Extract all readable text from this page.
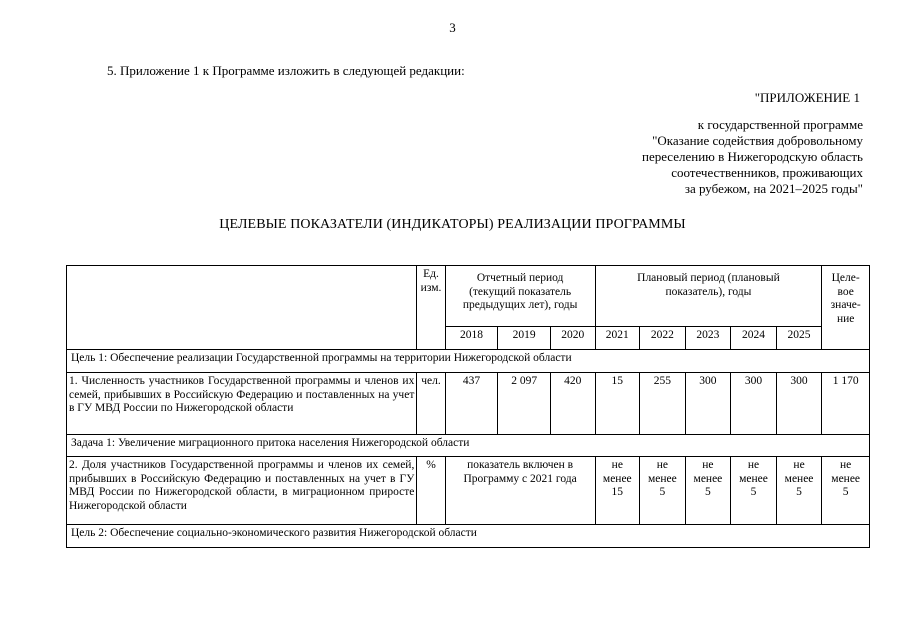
3
5. Приложение 1 к Программе изложить в следующей редакции:
"ПРИЛОЖЕНИЕ 1
к государственной программе
"Оказание содействия добровольному
переселению в Нижегородскую область
соотечественников, проживающих
за рубежом, на 2021–2025 годы"
ЦЕЛЕВЫЕ ПОКАЗАТЕЛИ (ИНДИКАТОРЫ) РЕАЛИЗАЦИИ ПРОГРАММЫ
	Ед. изм.	Отчетный период (текущий показатель предыдущих лет), годы			Плановый период (плановый показатель), годы					Целе-вое значе-ние
		2018	2019	2020	2021	2022	2023	2024	2025	
Цель 1: Обеспечение реализации Государственной программы на территории Нижегородской области										
1. Численность участников Государственной программы и членов их семей, прибывших в Российскую Федерацию и поставленных на учет в ГУ МВД России по Нижегородской области	чел.	437	2 097	420	15	255	300	300	300	1 170
Задача 1: Увеличение миграционного притока населения Нижегородской области										
2. Доля участников Государственной программы и членов их семей, прибывших в Российскую Федерацию и поставленных на учет в ГУ МВД России по Нижегородской области, в миграционном приросте Нижегородской области	%	показатель включен в Программу с 2021 года			не менее 15	не менее 5	не менее 5	не менее 5	не менее 5	не менее 5
Цель 2: Обеспечение социально-экономического развития Нижегородской области										
